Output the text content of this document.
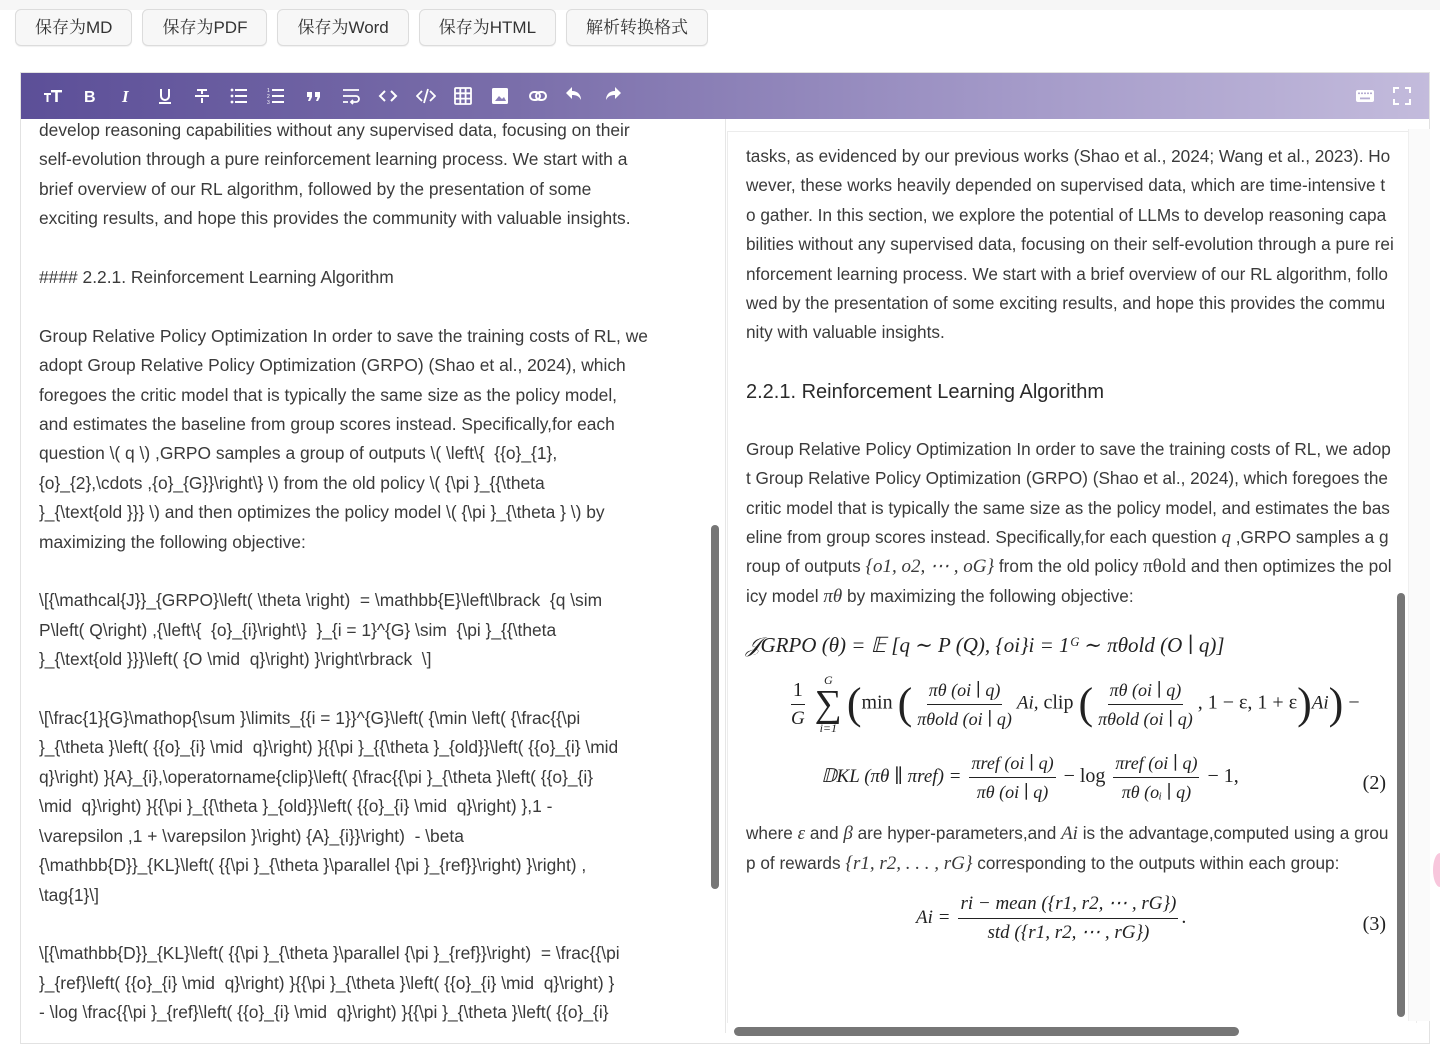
保存为MD	保存为PDF	保存为Word	保存为HTML	解析转换格式
B I	1
2
3
develop reasoning capabilities without any supervised data, focusing on their
self-evolution through a pure reinforcement learning process. We start with a
brief overview of our RL algorithm, followed by the presentation of some
exciting results, and hope this provides the community with valuable insights.
#### 2.2.1. Reinforcement Learning Algorithm
Group Relative Policy Optimization In order to save the training costs of RL, we
adopt Group Relative Policy Optimization (GRPO) (Shao et al., 2024), which
foregoes the critic model that is typically the same size as the policy model,
and estimates the baseline from group scores instead. Specifically,for each
question \( q \) ,GRPO samples a group of outputs \( \left\{  {{o}_{1},
{o}_{2},\cdots ,{o}_{G}}\right\} \) from the old policy \( {\pi }_{{\theta
}_{\text{old }}} \) and then optimizes the policy model \( {\pi }_{\theta } \) by
maximizing the following objective:
\[{\mathcal{J}}_{GRPO}\left( \theta \right)  = \mathbb{E}\left\lbrack  {q \sim
P\left( Q\right) ,{\left\{  {o}_{i}\right\}  }_{i = 1}^{G} \sim  {\pi }_{{\theta
}_{\text{old }}}\left( {O \mid  q}\right) }\right\rbrack  \]
\[\frac{1}{G}\mathop{\sum }\limits_{{i = 1}}^{G}\left( {\min \left( {\frac{{\pi
}_{\theta }\left( {{o}_{i} \mid  q}\right) }{{\pi }_{{\theta }_{old}}\left( {{o}_{i} \mid
q}\right) }{A}_{i},\operatorname{clip}\left( {\frac{{\pi }_{\theta }\left( {{o}_{i}
\mid  q}\right) }{{\pi }_{{\theta }_{old}}\left( {{o}_{i} \mid  q}\right) },1 -
\varepsilon ,1 + \varepsilon }\right) {A}_{i}}\right)  - \beta
{\mathbb{D}}_{KL}\left( {{\pi }_{\theta }\parallel {\pi }_{ref}}\right) }\right) ,
\tag{1}\]
\[{\mathbb{D}}_{KL}\left( {{\pi }_{\theta }\parallel {\pi }_{ref}}\right)  = \frac{{\pi
}_{ref}\left( {{o}_{i} \mid  q}\right) }{{\pi }_{\theta }\left( {{o}_{i} \mid  q}\right) }
- \log \frac{{\pi }_{ref}\left( {{o}_{i} \mid  q}\right) }{{\pi }_{\theta }\left( {{o}_{i}

tasks, as evidenced by our previous works (Shao et al., 2024; Wang et al., 2023). However, these works heavily depended on supervised data, which are time-intensive to gather. In this section, we explore the potential of LLMs to develop reasoning capabilities without any supervised data, focusing on their self-evolution through a pure reinforcement learning process. We start with a brief overview of our RL algorithm, followed by the presentation of some exciting results, and hope this provides the community with valuable insights.

2.2.1. Reinforcement Learning Algorithm

Group Relative Policy Optimization In order to save the training costs of RL, we adopt Group Relative Policy Optimization (GRPO) (Shao et al., 2024), which foregoes the critic model that is typically the same size as the policy model, and estimates the baseline from group scores instead. Specifically,for each question q ,GRPO samples a group of outputs {o1, o2, ⋯ , oG} from the old policy πθold and then optimizes the policy model πθ by maximizing the following objective:

𝒥GRPO (θ) = 𝔼 [q ∼ P (Q), {oi}i = 1ᴳ ∼ πθold (O ∣ q)]
$\frac{1}{G}$
G
∑
i=1 (min ( $\frac{\pi\theta (oi ∣ q)}{\text{πθold (oi ∣ q)}} Ai$, clip ( $\frac{\pi\theta (oi ∣ q)}{\text{πθold (oi ∣ q)}}$ , 1 − ε, 1 + ε)Ai) −
𝔻KL (πθ ∥ $\pi ref) = \frac{\text{πref (oi ∣ q)}}{\pi\theta (oi ∣ q)} - \log \frac{\text{πref (oi ∣ q)}}{\text{πθ (oᵢ ∣ q)}} - 1$,	(2)

where ε and β are hyper-parameters,and Ai is the advantage,computed using a group of rewards {r1, r2, . . . , rG} corresponding to the outputs within each group:

$Ai = \frac{\text{ri − mean (\{r1, r2, ⋯ , rG\})}}{\text{std (\{r1, r2, ⋯ , rG\})}}$ .	(3)
